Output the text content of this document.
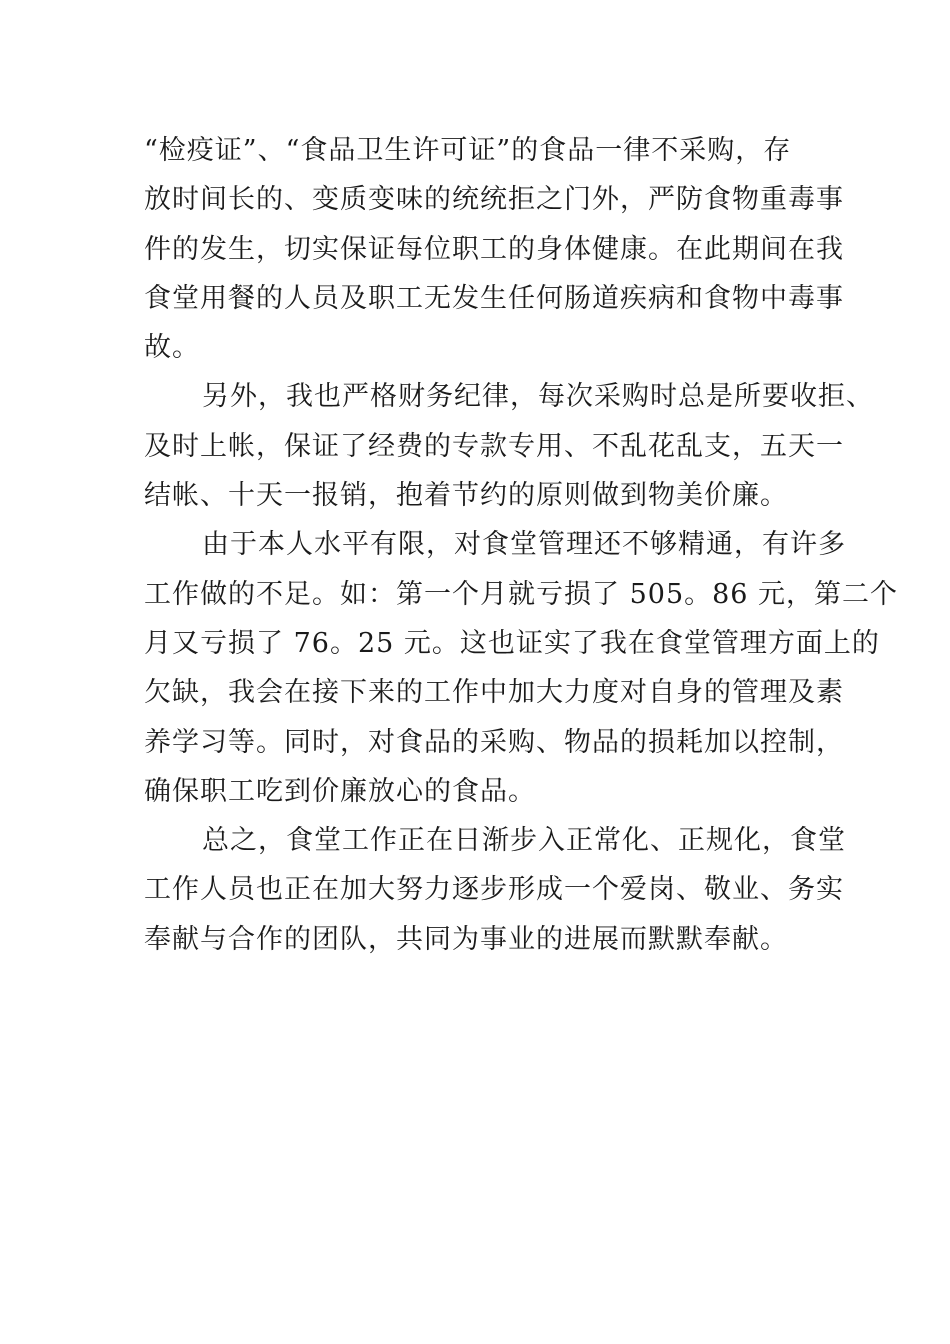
“检疫证”、“食品卫生许可证”的食品一律不采购，存
放时间长的、变质变味的统统拒之门外，严防食物重毒事
件的发生，切实保证每位职工的身体健康。在此期间在我
食堂用餐的人员及职工无发生任何肠道疾病和食物中毒事
故。

另外，我也严格财务纪律，每次采购时总是所要收拒、
及时上帐，保证了经费的专款专用、不乱花乱支，五天一
结帐、十天一报销，抱着节约的原则做到物美价廉。

由于本人水平有限，对食堂管理还不够精通，有许多
工作做的不足。如：第一个月就亏损了 505。86 元，第二个
月又亏损了 76。25 元。这也证实了我在食堂管理方面上的
欠缺，我会在接下来的工作中加大力度对自身的管理及素
养学习等。同时，对食品的采购、物品的损耗加以控制，
确保职工吃到价廉放心的食品。

总之，食堂工作正在日渐步入正常化、正规化，食堂
工作人员也正在加大努力逐步形成一个爱岗、敬业、务实
奉献与合作的团队，共同为事业的进展而默默奉献。
